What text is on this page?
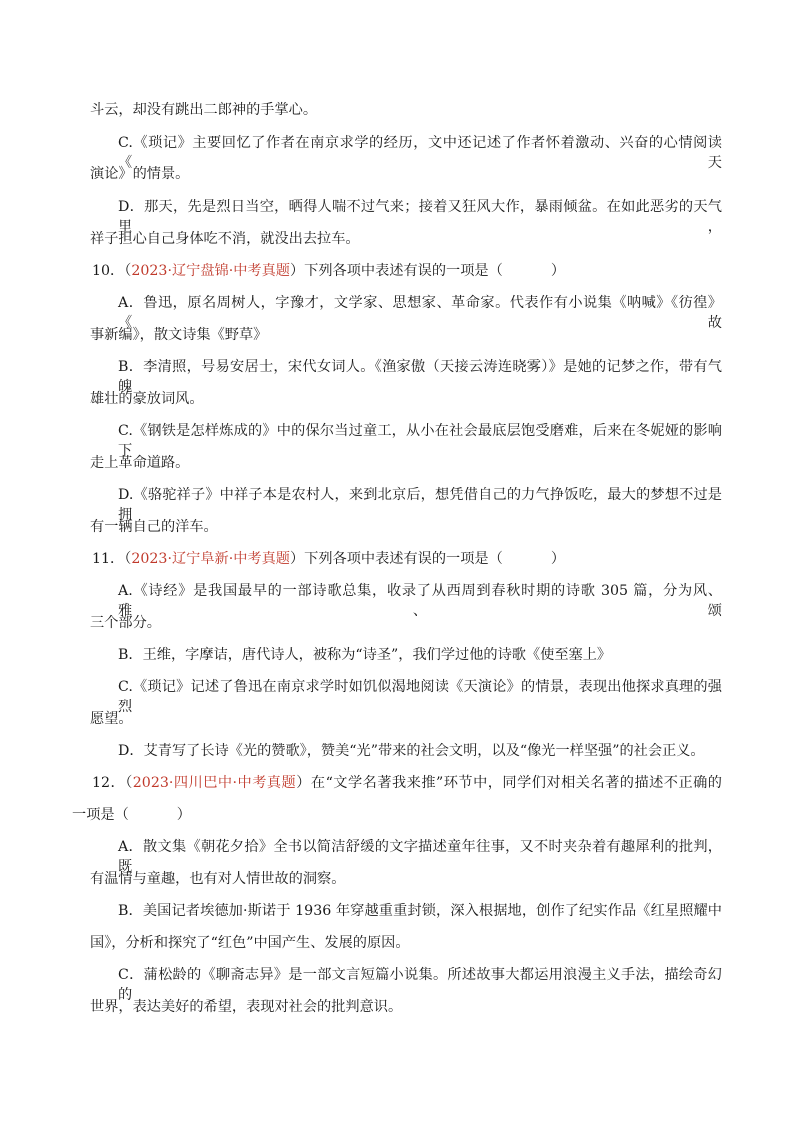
斗云，却没有跳出二郎神的手掌心。
C.《琐记》主要回忆了作者在南京求学的经历，文中还记述了作者怀着激动、兴奋的心情阅读《天
演论》的情景。
D．那天，先是烈日当空，晒得人喘不过气来；接着又狂风大作，暴雨倾盆。在如此恶劣的天气里，
祥子担心自己身体吃不消，就没出去拉车。
10．（2023·辽宁盘锦·中考真题）下列各项中表述有误的一项是（	）
A．鲁迅，原名周树人，字豫才，文学家、思想家、革命家。代表作有小说集《呐喊》《彷徨》《故
事新编》，散文诗集《野草》
B．李清照，号易安居士，宋代女词人。《渔家傲（天接云涛连晓雾）》是她的记梦之作，带有气魄
雄壮的豪放词风。
C.《钢铁是怎样炼成的》中的保尔当过童工，从小在社会最底层饱受磨难，后来在冬妮娅的影响下
走上革命道路。
D.《骆驼祥子》中祥子本是农村人，来到北京后，想凭借自己的力气挣饭吃，最大的梦想不过是拥
有一辆自己的洋车。
11．（2023·辽宁阜新·中考真题）下列各项中表述有误的一项是（	）
A.《诗经》是我国最早的一部诗歌总集，收录了从西周到春秋时期的诗歌 305 篇，分为风、雅、颂
三个部分。
B．王维，字摩诘，唐代诗人，被称为“诗圣”，我们学过他的诗歌《使至塞上》
C.《琐记》记述了鲁迅在南京求学时如饥似渴地阅读《天演论》的情景，表现出他探求真理的强烈
愿望。
D．艾青写了长诗《光的赞歌》，赞美“光”带来的社会文明，以及“像光一样坚强”的社会正义。
12．（2023·四川巴中·中考真题）在“文学名著我来推”环节中，同学们对相关名著的描述不正确的
一项是（	）
A．散文集《朝花夕拾》全书以简洁舒缓的文字描述童年往事，又不时夹杂着有趣犀利的批判，既
有温情与童趣，也有对人情世故的洞察。
B．美国记者埃德加·斯诺于 1936 年穿越重重封锁，深入根据地，创作了纪实作品《红星照耀中
国》，分析和探究了“红色”中国产生、发展的原因。
C．蒲松龄的《聊斋志异》是一部文言短篇小说集。所述故事大都运用浪漫主义手法，描绘奇幻的
世界，表达美好的希望，表现对社会的批判意识。
